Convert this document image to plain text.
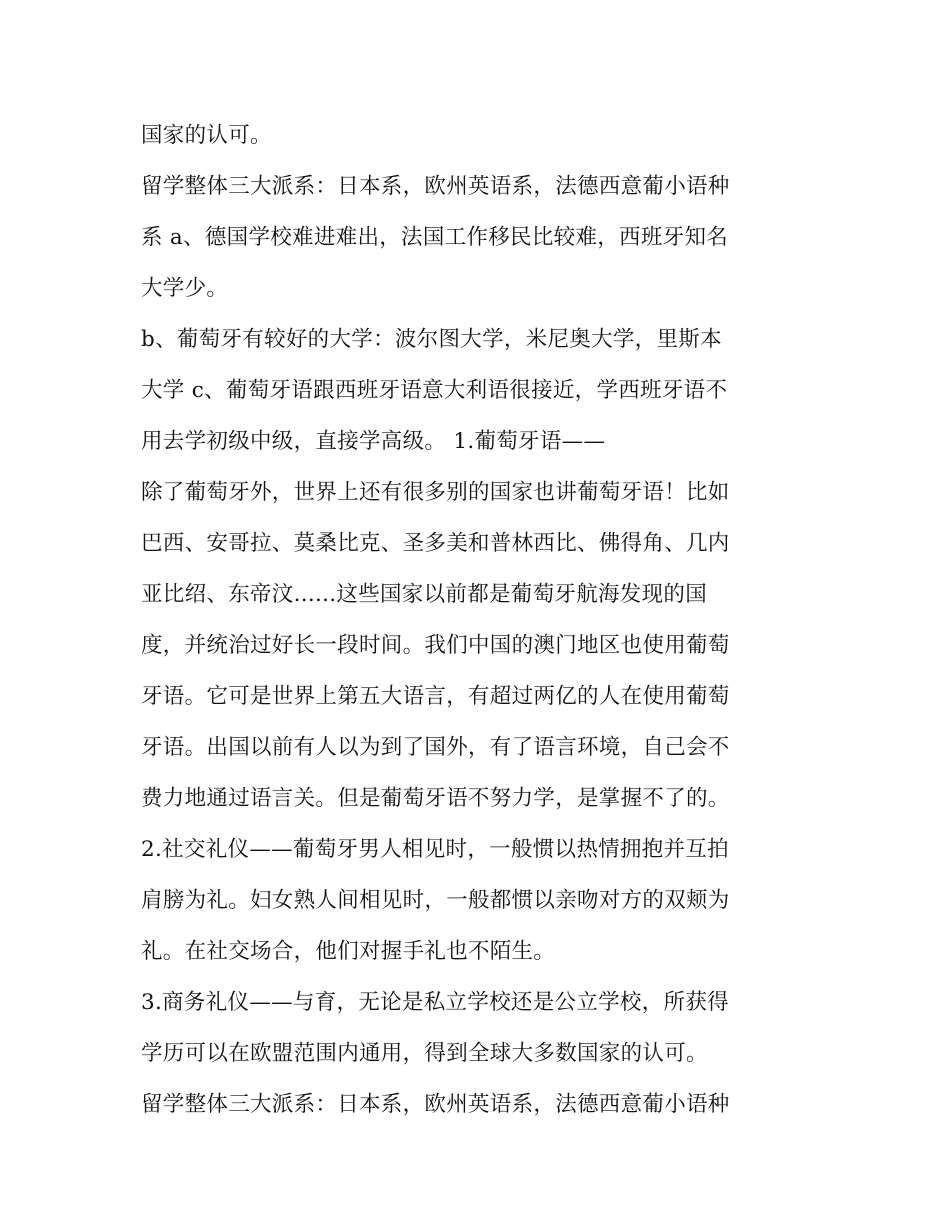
国家的认可。
留学整体三大派系：日本系，欧州英语系，法德西意葡小语种
系 a、德国学校难进难出，法国工作移民比较难，西班牙知名
大学少。
b、葡萄牙有较好的大学：波尔图大学，米尼奥大学，里斯本
大学 c、葡萄牙语跟西班牙语意大利语很接近，学西班牙语不
用去学初级中级，直接学高级。 1.葡萄牙语——
除了葡萄牙外，世界上还有很多别的国家也讲葡萄牙语！比如
巴西、安哥拉、莫桑比克、圣多美和普林西比、佛得角、几内
亚比绍、东帝汶......这些国家以前都是葡萄牙航海发现的国
度，并统治过好长一段时间。我们中国的澳门地区也使用葡萄
牙语。它可是世界上第五大语言，有超过两亿的人在使用葡萄
牙语。出国以前有人以为到了国外，有了语言环境，自己会不
费力地通过语言关。但是葡萄牙语不努力学，是掌握不了的。
2.社交礼仪——葡萄牙男人相见时，一般惯以热情拥抱并互拍
肩膀为礼。妇女熟人间相见时，一般都惯以亲吻对方的双颊为
礼。在社交场合，他们对握手礼也不陌生。
3.商务礼仪——与育，无论是私立学校还是公立学校，所获得
学历可以在欧盟范围内通用，得到全球大多数国家的认可。
留学整体三大派系：日本系，欧州英语系，法德西意葡小语种
